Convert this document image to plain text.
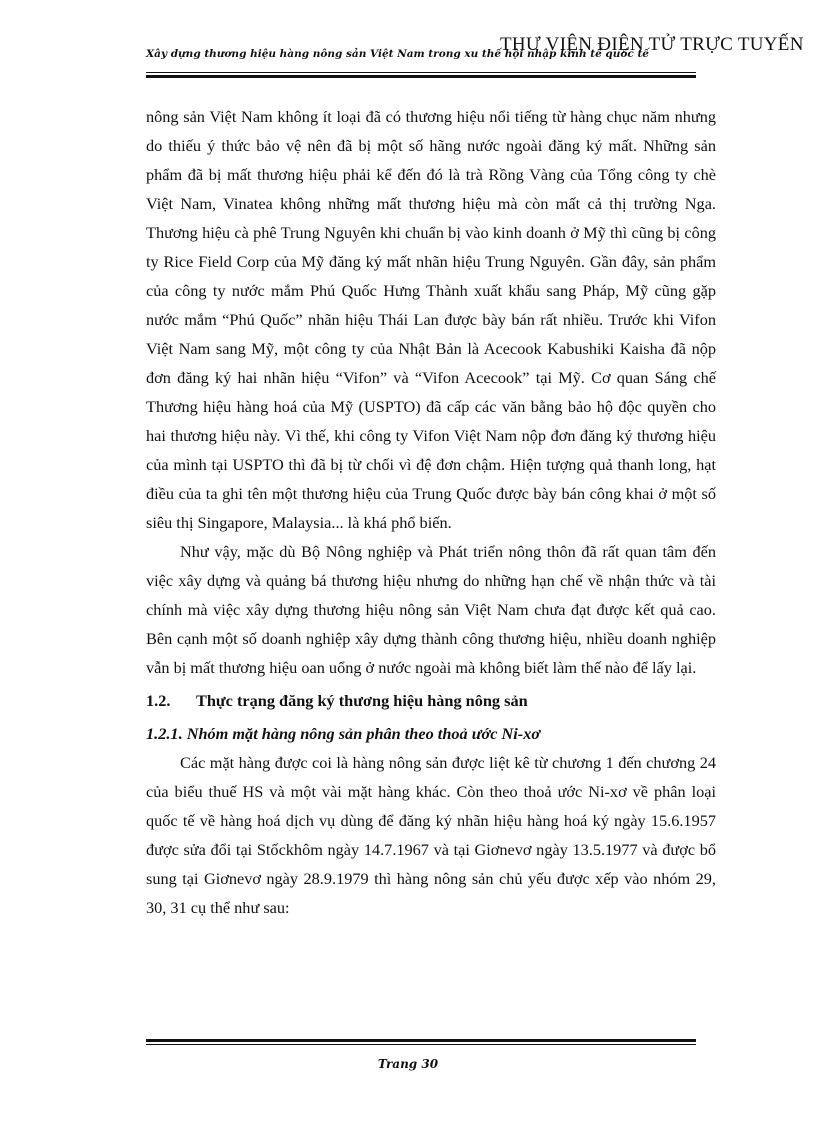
Xây dựng thương hiệu hàng nông sản Việt Nam trong xu thế hội nhập kinh tế quốc tế
THƯ VIỆN ĐIỆN TỬ TRỰC TUYẾN

nông sản Việt Nam không ít loại đã có thương hiệu nổi tiếng từ hàng chục năm nhưng do thiếu ý thức bảo vệ nên đã bị một số hãng nước ngoài đăng ký mất. Những sản phẩm đã bị mất thương hiệu phải kể đến đó là trà Rồng Vàng của Tổng công ty chè Việt Nam, Vinatea không những mất thương hiệu mà còn mất cả thị trường Nga. Thương hiệu cà phê Trung Nguyên khi chuẩn bị vào kinh doanh ở Mỹ thì cũng bị công ty Rice Field Corp của Mỹ đăng ký mất nhãn hiệu Trung Nguyên. Gần đây, sản phẩm của công ty nước mắm Phú Quốc Hưng Thành xuất khẩu sang Pháp, Mỹ cũng gặp nước mắm “Phú Quốc” nhãn hiệu Thái Lan được bày bán rất nhiều. Trước khi Vifon Việt Nam sang Mỹ, một công ty của Nhật Bản là Acecook Kabushiki Kaisha đã nộp đơn đăng ký hai nhãn hiệu “Vifon” và “Vifon Acecook” tại Mỹ. Cơ quan Sáng chế Thương hiệu hàng hoá của Mỹ (USPTO) đã cấp các văn bằng bảo hộ độc quyền cho hai thương hiệu này. Vì thế, khi công ty Vifon Việt Nam nộp đơn đăng ký thương hiệu của mình tại USPTO thì đã bị từ chối vì đệ đơn chậm. Hiện tượng quả thanh long, hạt điều của ta ghi tên một thương hiệu của Trung Quốc được bày bán công khai ở một số siêu thị Singapore, Malaysia... là khá phổ biến.

Như vậy, mặc dù Bộ Nông nghiệp và Phát triển nông thôn đã rất quan tâm đến việc xây dựng và quảng bá thương hiệu nhưng do những hạn chế về nhận thức và tài chính mà việc xây dựng thương hiệu nông sản Việt Nam chưa đạt được kết quả cao. Bên cạnh một số doanh nghiệp xây dựng thành công thương hiệu, nhiều doanh nghiệp vẫn bị mất thương hiệu oan uổng ở nước ngoài mà không biết làm thế nào để lấy lại.

1.2. Thực trạng đăng ký thương hiệu hàng nông sản

1.2.1. Nhóm mặt hàng nông sản phân theo thoả ước Ni-xơ

Các mặt hàng được coi là hàng nông sản được liệt kê từ chương 1 đến chương 24 của biểu thuế HS và một vài mặt hàng khác. Còn theo thoả ước Ni-xơ về phân loại quốc tế về hàng hoá dịch vụ dùng để đăng ký nhãn hiệu hàng hoá ký ngày 15.6.1957 được sửa đổi tại Stốckhôm ngày 14.7.1967 và tại Giơnevơ ngày 13.5.1977 và được bổ sung tại Giơnevơ ngày 28.9.1979 thì hàng nông sản chủ yếu được xếp vào nhóm 29, 30, 31 cụ thể như sau:

Trang 30
